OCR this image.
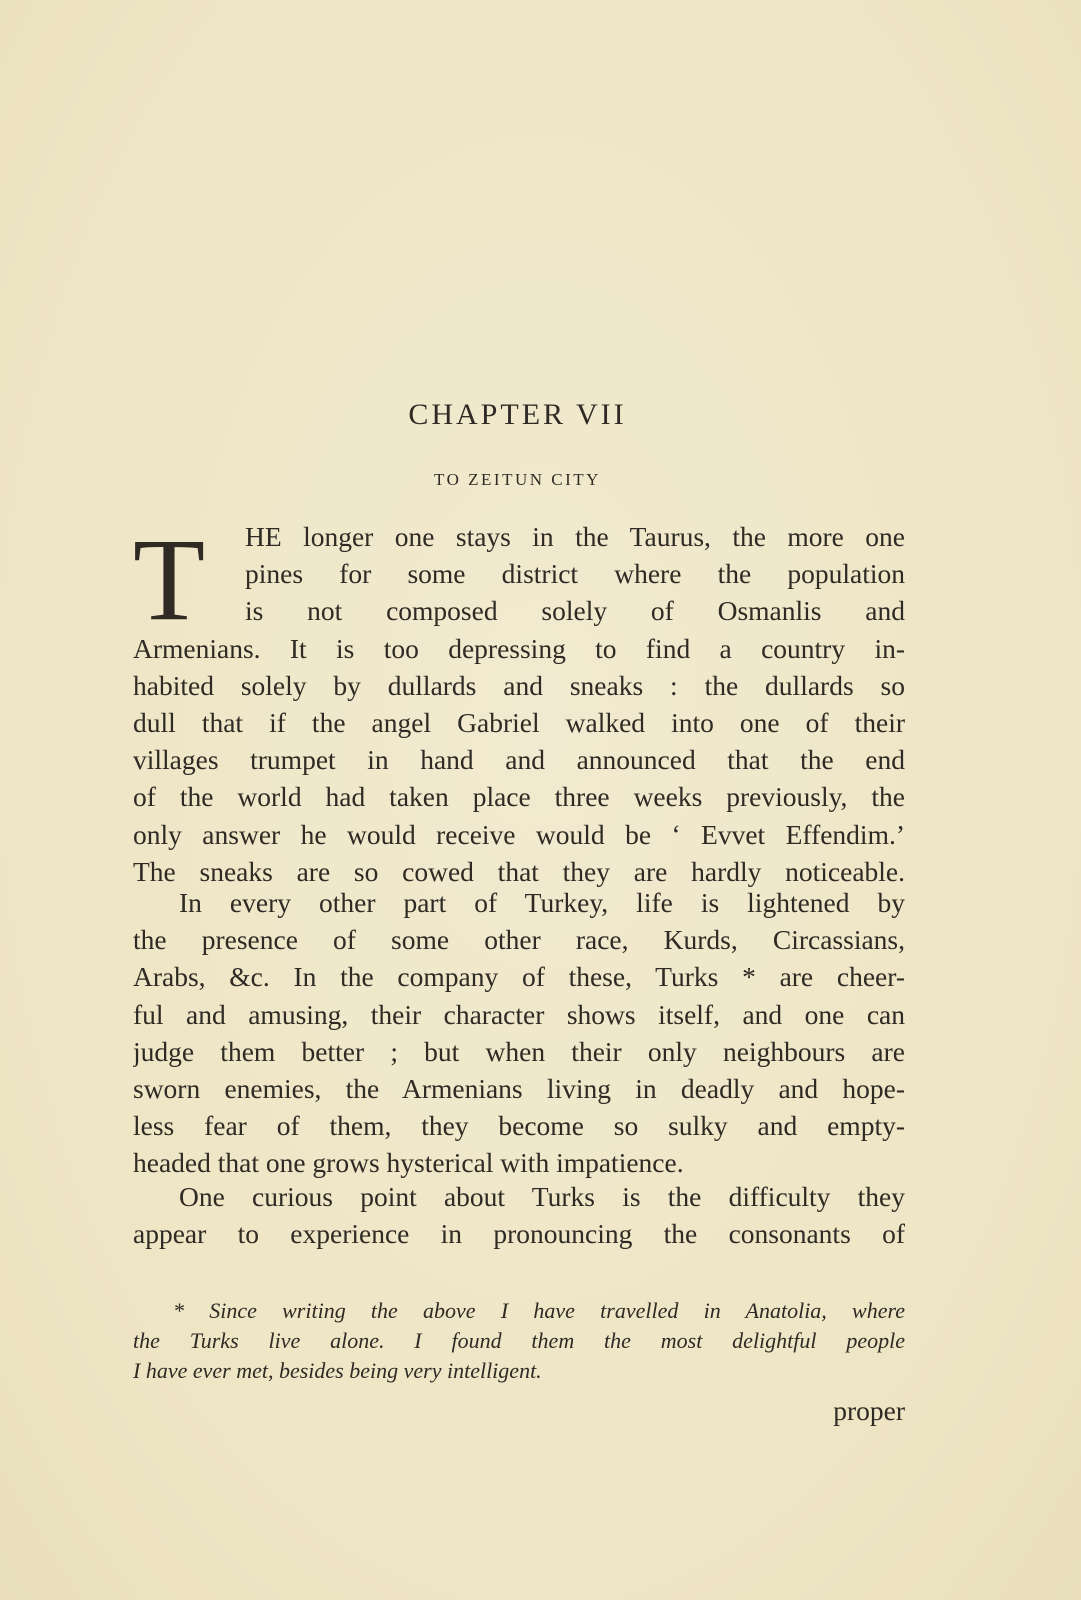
CHAPTER VII
TO ZEITUN CITY
T	HE longer one stays in the Taurus, the more one
pines for some district where the population
is not composed solely of Osmanlis and
Armenians. It is too depressing to find a country in-
habited solely by dullards and sneaks : the dullards so
dull that if the angel Gabriel walked into one of their
villages trumpet in hand and announced that the end
of the world had taken place three weeks previously, the
only answer he would receive would be ‘ Evvet Effendim.’
The sneaks are so cowed that they are hardly noticeable.
In every other part of Turkey, life is lightened by
the presence of some other race, Kurds, Circassians,
Arabs, &c. In the company of these, Turks * are cheer-
ful and amusing, their character shows itself, and one can
judge them better ; but when their only neighbours are
sworn enemies, the Armenians living in deadly and hope-
less fear of them, they become so sulky and empty-
headed that one grows hysterical with impatience.
One curious point about Turks is the difficulty they
appear to experience in pronouncing the consonants of
* Since writing the above I have travelled in Anatolia, where
the Turks live alone. I found them the most delightful people
I have ever met, besides being very intelligent.
proper
